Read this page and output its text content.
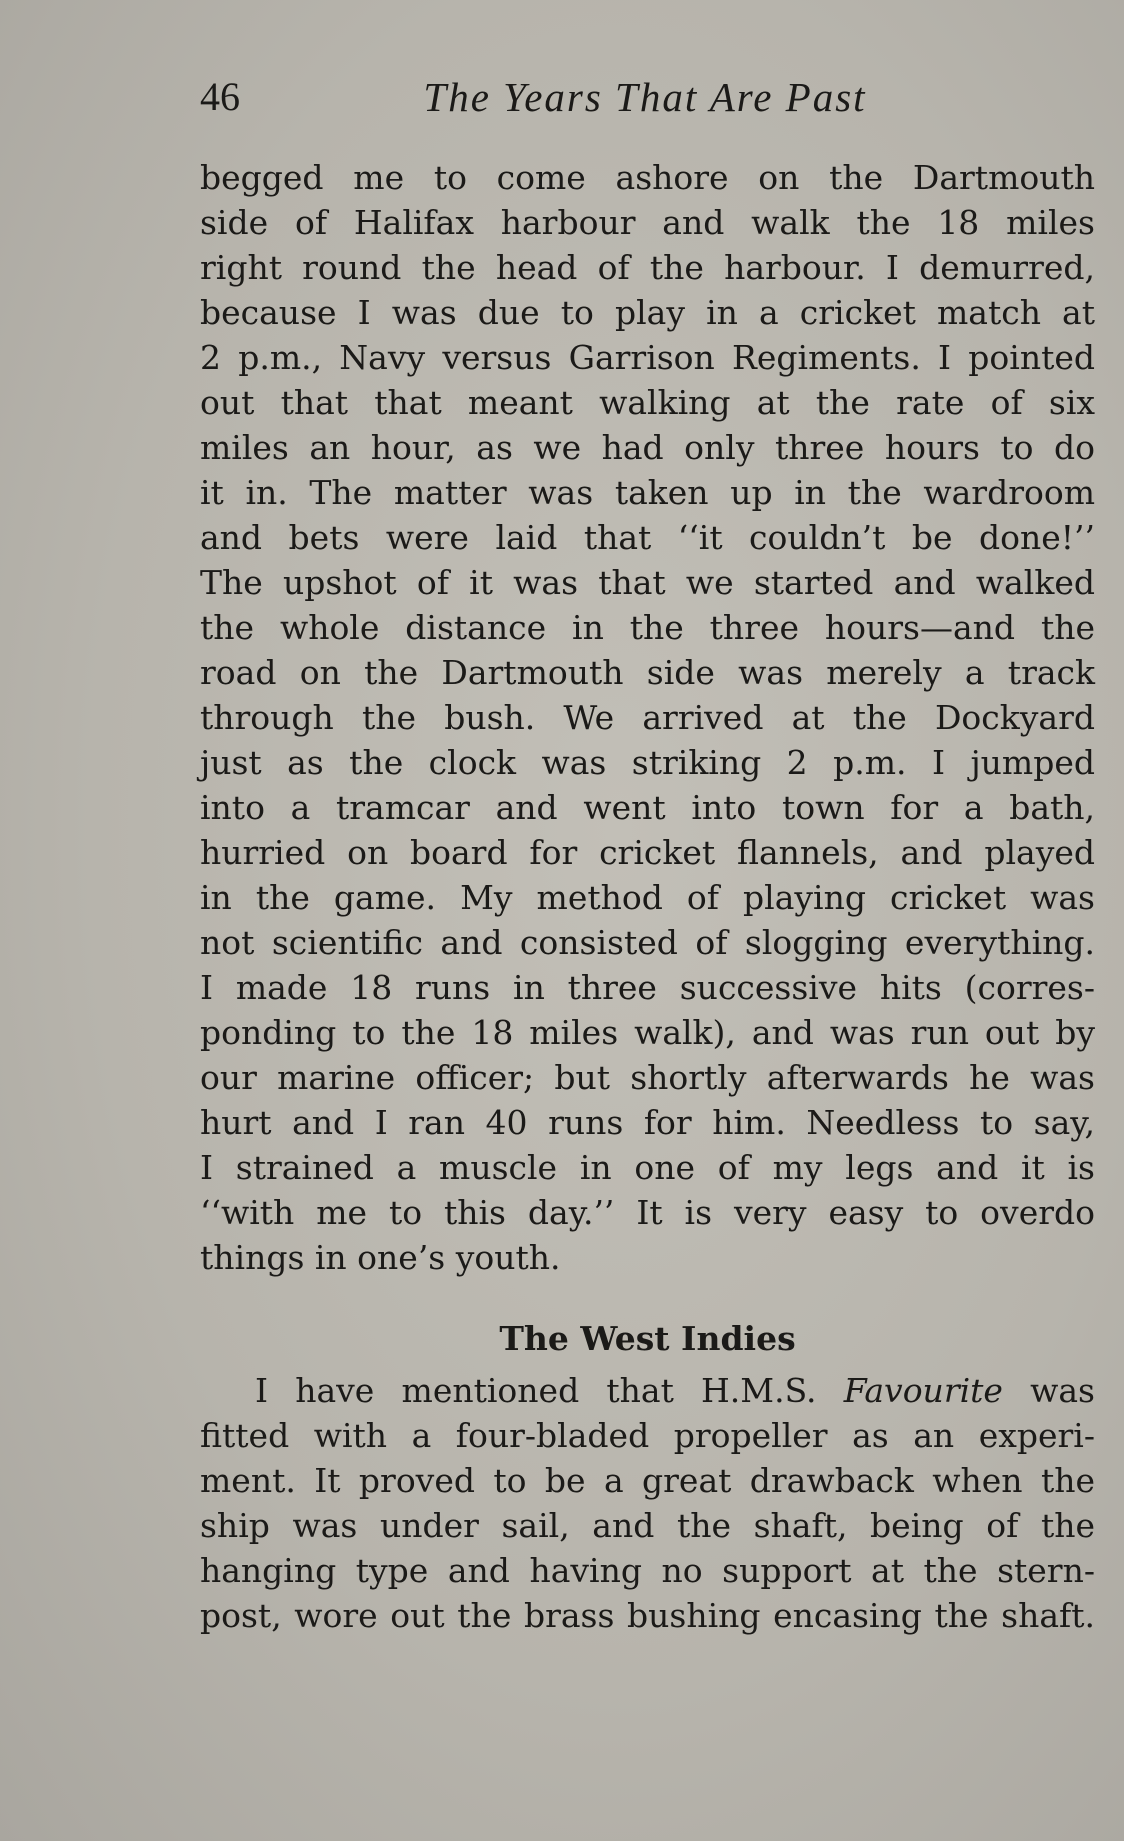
46	The Years That Are Past
begged me to come ashore on the Dartmouth
side of Halifax harbour and walk the 18 miles
right round the head of the harbour. I demurred,
because I was due to play in a cricket match at
2 p.m., Navy versus Garrison Regiments. I pointed
out that that meant walking at the rate of six
miles an hour, as we had only three hours to do
it in. The matter was taken up in the wardroom
and bets were laid that ‘‘it couldn’t be done!’’
The upshot of it was that we started and walked
the whole distance in the three hours—and the
road on the Dartmouth side was merely a track
through the bush. We arrived at the Dockyard
just as the clock was striking 2 p.m. I jumped
into a tramcar and went into town for a bath,
hurried on board for cricket flannels, and played
in the game. My method of playing cricket was
not scientific and consisted of slogging everything.
I made 18 runs in three successive hits (corres-
ponding to the 18 miles walk), and was run out by
our marine officer; but shortly afterwards he was
hurt and I ran 40 runs for him. Needless to say,
I strained a muscle in one of my legs and it is
‘‘with me to this day.’’ It is very easy to overdo
things in one’s youth.
The West Indies
I have mentioned that H.M.S. Favourite was
fitted with a four-bladed propeller as an experi-
ment. It proved to be a great drawback when the
ship was under sail, and the shaft, being of the
hanging type and having no support at the stern-
post, wore out the brass bushing encasing the shaft.
